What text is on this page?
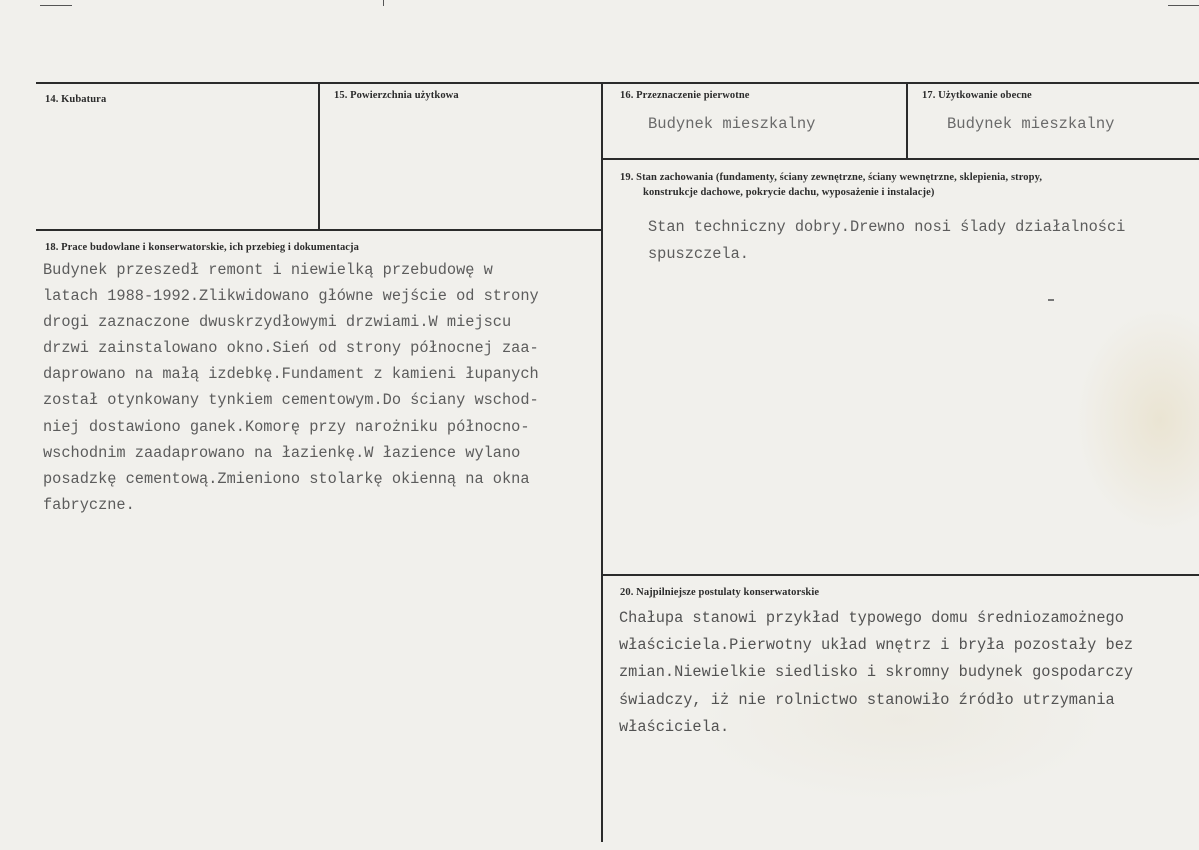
14. Kubatura	15. Powierzchnia użytkowa	16. Przeznaczenie pierwotne
Budynek mieszkalny
17. Użytkowanie obecne
Budynek mieszkalny
18. Prace budowlane i konserwatorskie, ich przebieg i dokumentacja
Budynek przeszedł remont i niewielką przebudowę w
latach 1988-1992.Zlikwidowano główne wejście od strony
drogi zaznaczone dwuskrzydłowymi drzwiami.W miejscu
drzwi zainstalowano okno.Sień od strony północnej zaa-
daprowano na małą izdebkę.Fundament z kamieni łupanych
został otynkowany tynkiem cementowym.Do ściany wschod-
niej dostawiono ganek.Komorę przy narożniku północno-
wschodnim zaadaprowano na łazienkę.W łazience wylano
posadzkę cementową.Zmieniono stolarkę okienną na okna
fabryczne.
19. Stan zachowania (fundamenty, ściany zewnętrzne, ściany wewnętrzne, sklepienia, stropy,
konstrukcje dachowe, pokrycie dachu, wyposażenie i instalacje)
Stan techniczny dobry.Drewno nosi ślady działalności
spuszczela.
20. Najpilniejsze postulaty konserwatorskie
Chałupa stanowi przykład typowego domu średniozamożnego
właściciela.Pierwotny układ wnętrz i bryła pozostały bez
zmian.Niewielkie siedlisko i skromny budynek gospodarczy
świadczy, iż nie rolnictwo stanowiło źródło utrzymania
właściciela.
